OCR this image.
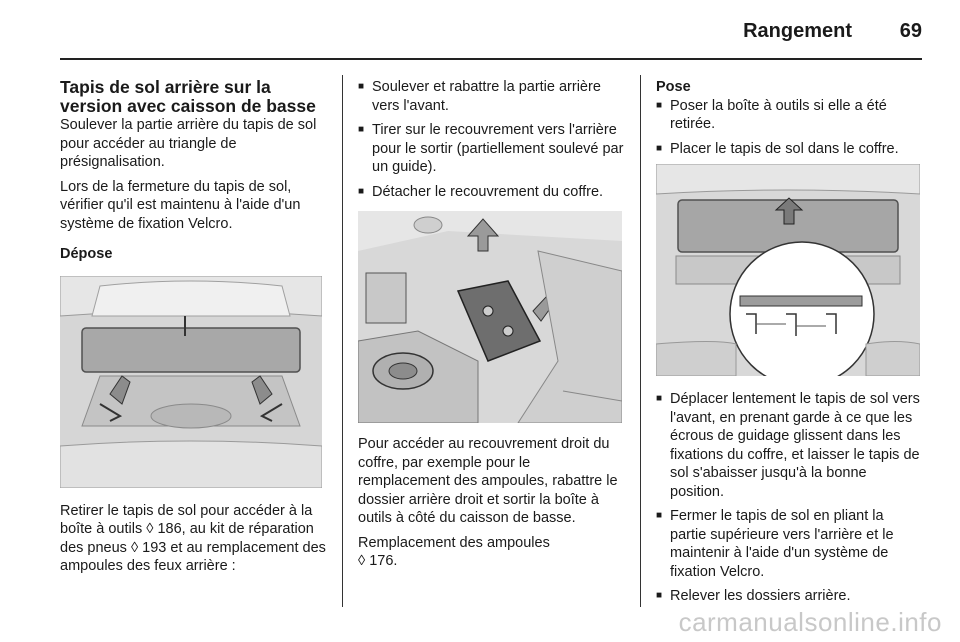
Rangement 69
Tapis de sol arrière sur la version avec caisson de basse

Soulever la partie arrière du tapis de sol pour accéder au triangle de présignalisation.

Lors de la fermeture du tapis de sol, vérifier qu'il est maintenu à l'aide d'un système de fixation Velcro.

Dépose

Retirer le tapis de sol pour accéder à la boîte à outils ◊ 186, au kit de réparation des pneus ◊ 193 et au remplacement des ampoules des feux arrière :

■ Soulever et rabattre la partie arrière vers l'avant.
■ Tirer sur le recouvrement vers l'arrière pour le sortir (partiellement soulevé par un guide).
■ Détacher le recouvrement du coffre.

Pour accéder au recouvrement droit du coffre, par exemple pour le remplacement des ampoules, rabattre le dossier arrière droit et sortir la boîte à outils à côté du caisson de basse.

Remplacement des ampoules

◊ 176.

Pose

■ Poser la boîte à outils si elle a été retirée.
■ Placer le tapis de sol dans le coffre.
■ Déplacer lentement le tapis de sol vers l'avant, en prenant garde à ce que les écrous de guidage glissent dans les fixations du coffre, et laisser le tapis de sol s'abaisser jusqu'à la bonne position.
■ Fermer le tapis de sol en pliant la partie supérieure vers l'arrière et le maintenir à l'aide d'un système de fixation Velcro.
■ Relever les dossiers arrière.
carmanualsonline.info
